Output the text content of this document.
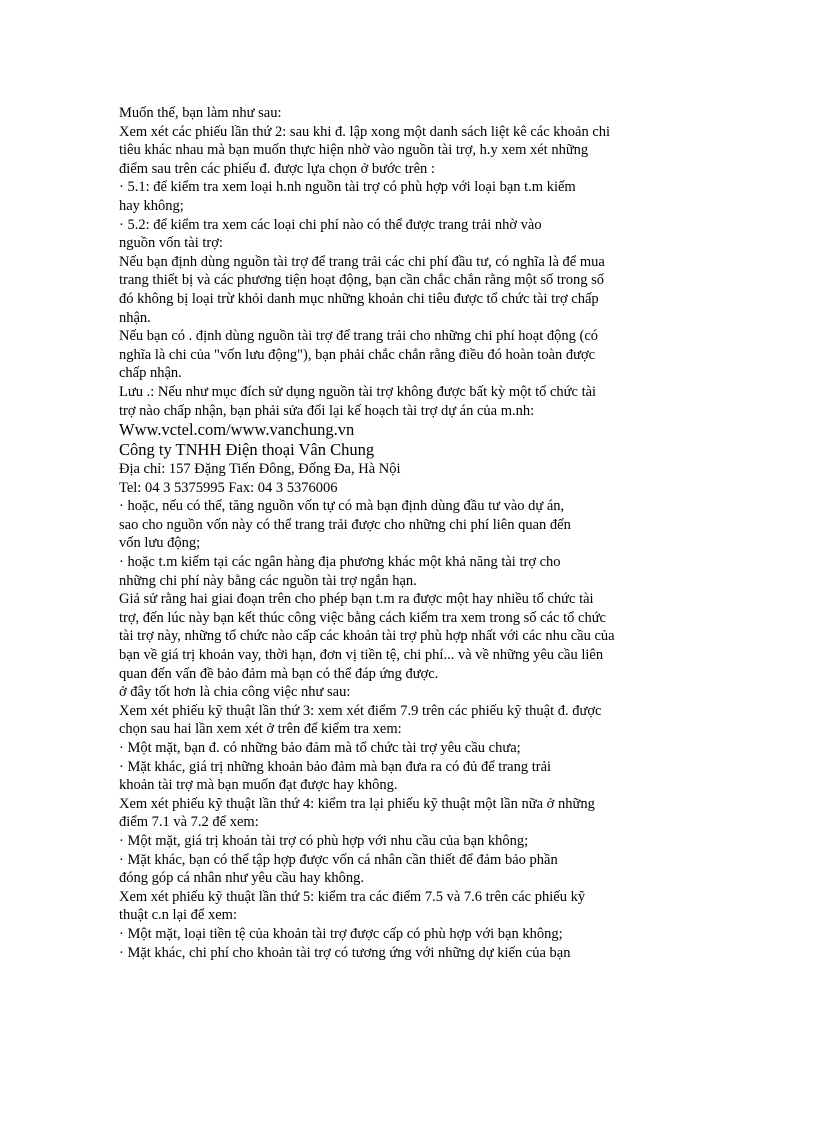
Muốn thế, bạn làm như sau:
Xem xét các phiếu lần thứ 2: sau khi đ. lập xong một danh sách liệt kê các khoản chi
tiêu khác nhau mà bạn muốn thực hiện nhờ vào nguồn tài trợ, h.y xem xét những
điểm sau trên các phiếu đ. được lựa chọn ở bước trên :
· 5.1: để kiểm tra xem loại h.nh nguồn tài trợ có phù hợp với loại bạn t.m kiếm
hay không;
· 5.2: để kiểm tra xem các loại chi phí nào có thể được trang trải nhờ vào
nguồn vốn tài trợ:
Nếu bạn định dùng nguồn tài trợ để trang trải các chi phí đầu tư, có nghĩa là để mua
trang thiết bị và các phương tiện hoạt động, bạn cần chắc chắn rằng một số trong số
đó không bị loại trừ khỏi danh mục những khoản chi tiêu được tổ chức tài trợ chấp
nhận.
Nếu bạn có . định dùng nguồn tài trợ để trang trải cho những chi phí hoạt động (có
nghĩa là chi của "vốn lưu động"), bạn phải chắc chắn rằng điều đó hoàn toàn được
chấp nhận.
Lưu .: Nếu như mục đích sử dụng nguồn tài trợ không được bất kỳ một tổ chức tài
trợ nào chấp nhận, bạn phải sửa đổi lại kế hoạch tài trợ dự án của m.nh:
Www.vctel.com/www.vanchung.vn
Công ty TNHH Điện thoại Vân Chung
Địa chỉ: 157 Đặng Tiến Đông, Đống Đa, Hà Nội
Tel: 04 3 5375995 Fax: 04 3 5376006
· hoặc, nếu có thể, tăng nguồn vốn tự có mà bạn định dùng đầu tư vào dự án,
sao cho nguồn vốn này có thể trang trải được cho những chi phí liên quan đến
vốn lưu động;
· hoặc t.m kiếm tại các ngân hàng địa phương khác một khả năng tài trợ cho
những chi phí này bằng các nguồn tài trợ ngắn hạn.
Giả sử rằng hai giai đoạn trên cho phép bạn t.m ra được một hay nhiều tổ chức tài
trợ, đến lúc này bạn kết thúc công việc bằng cách kiểm tra xem trong số các tổ chức
tài trợ này, những tổ chức nào cấp các khoản tài trợ phù hợp nhất với các nhu cầu của
bạn về giá trị khoản vay, thời hạn, đơn vị tiền tệ, chi phí... và về những yêu cầu liên
quan đến vấn đề bảo đảm mà bạn có thể đáp ứng được.
ở đây tốt hơn là chia công việc như sau:
Xem xét phiếu kỹ thuật lần thứ 3: xem xét điểm 7.9 trên các phiếu kỹ thuật đ. được
chọn sau hai lần xem xét ở trên để kiểm tra xem:
· Một mặt, bạn đ. có những bảo đảm mà tổ chức tài trợ yêu cầu chưa;
· Mặt khác, giá trị những khoản bảo đảm mà bạn đưa ra có đủ để trang trải
khoản tài trợ mà bạn muốn đạt được hay không.
Xem xét phiếu kỹ thuật lần thứ 4: kiểm tra lại phiếu kỹ thuật một lần nữa ở những
điểm 7.1 và 7.2 để xem:
· Một mặt, giá trị khoản tài trợ có phù hợp với nhu cầu của bạn không;
· Mặt khác, bạn có thể tập hợp được vốn cá nhân cần thiết để đảm bảo phần
đóng góp cá nhân như yêu cầu hay không.
Xem xét phiếu kỹ thuật lần thứ 5: kiểm tra các điểm 7.5 và 7.6 trên các phiếu kỹ
thuật c.n lại để xem:
· Một mặt, loại tiền tệ của khoản tài trợ được cấp có phù hợp với bạn không;
· Mặt khác, chi phí cho khoản tài trợ có tương ứng với những dự kiến của bạn
